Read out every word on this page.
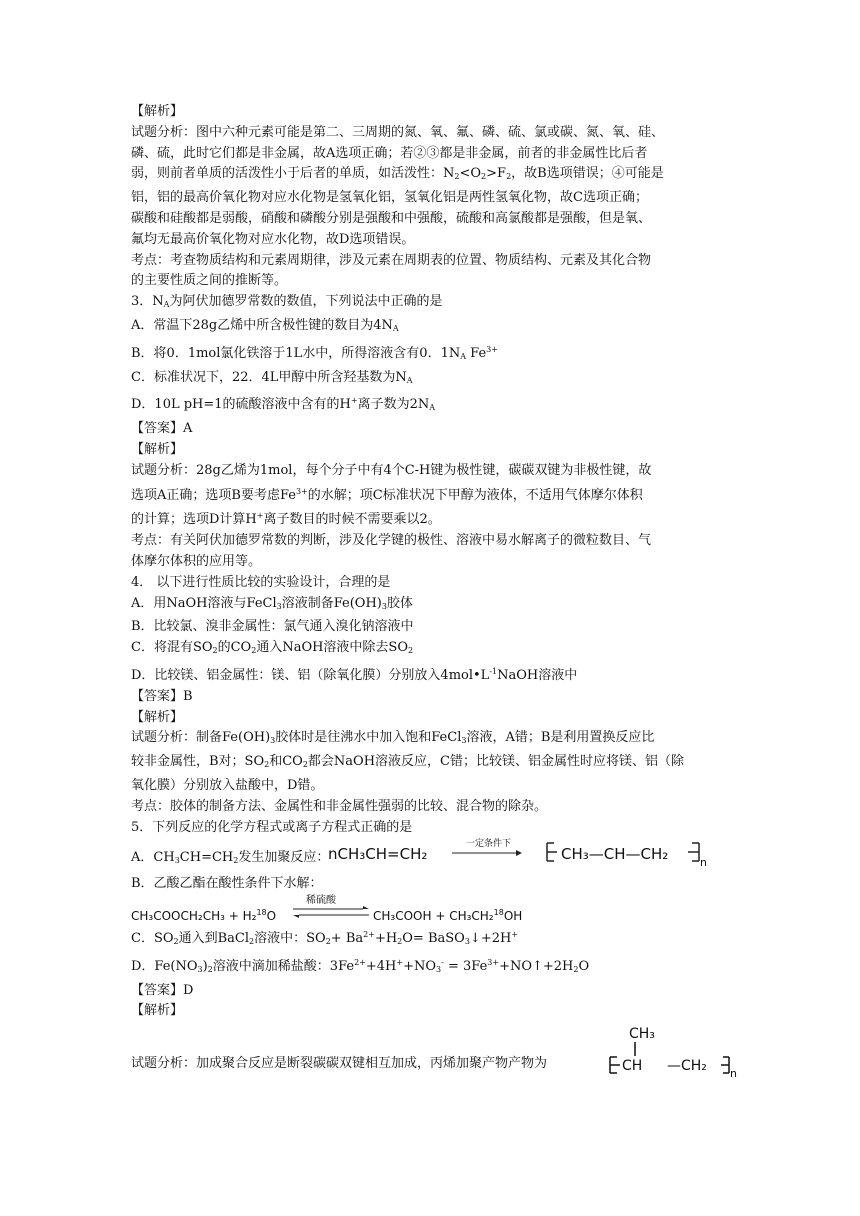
【解析】
试题分析：图中六种元素可能是第二、三周期的氮、氧、氟、磷、硫、氯或碳、氮、氧、硅、
磷、硫，此时它们都是非金属，故A选项正确；若②③都是非金属，前者的非金属性比后者
弱，则前者单质的活泼性小于后者的单质，如活泼性：$N_2<O_2>F_2$，故B选项错误；④可能是
铝，铝的最高价氧化物对应水化物是氢氧化铝，氢氧化铝是两性氢氧化物，故C选项正确；
碳酸和硅酸都是弱酸，硝酸和磷酸分别是强酸和中强酸，硫酸和高氯酸都是强酸，但是氧、
氟均无最高价氧化物对应水化物，故D选项错误。
考点：考查物质结构和元素周期律，涉及元素在周期表的位置、物质结构、元素及其化合物
的主要性质之间的推断等。
3．$N_A$为阿伏加德罗常数的数值，下列说法中正确的是
A．常温下28g乙烯中所含极性键的数目为$4N_A$
B．将0．1mol氯化铁溶于1L水中，所得溶液含有0．$1N_A$ $Fe^{3+}$
C．标准状况下，22．4L甲醇中所含羟基数为$N_A$
D．10L pH=1的硫酸溶液中含有的H+离子数为$2N_A$
【答案】A
【解析】
试题分析：28g乙烯为1mol，每个分子中有4个C-H键为极性键，碳碳双键为非极性键，故
选项A正确；选项B要考虑$Fe^{3+}$的水解；项C标准状况下甲醇为液体，不适用气体摩尔体积
的计算；选项D计算H+离子数目的时候不需要乘以2。
考点：有关阿伏加德罗常数的判断，涉及化学键的极性、溶液中易水解离子的微粒数目、气
体摩尔体积的应用等。
4． 以下进行性质比较的实验设计，合理的是
A．用NaOH溶液与FeCl$_3$溶液制备$Fe(OH)_3$胶体
B．比较氯、溴非金属性：氯气通入溴化钠溶液中
C．将混有$SO_2$的$CO_2$通入NaOH溶液中除去$SO_2$
D．比较镁、铝金属性：镁、铝（除氧化膜）分别放入$4mol•L^{-1}NaOH$溶液中
【答案】B
【解析】
试题分析：制备$Fe(OH)_3$胶体时是往沸水中加入饱和FeCl$_3$溶液，A错；B是利用置换反应比
较非金属性，B对；$SO_2$和$CO_2$都会NaOH溶液反应，C错；比较镁、铝金属性时应将镁、铝（除
氧化膜）分别放入盐酸中，D错。
考点：胶体的制备方法、金属性和非金属性强弱的比较、混合物的除杂。
5．下列反应的化学方程式或离子方程式正确的是
A．$CH_3CH=CH_2$发生加聚反应：
nCH₃CH=CH₂
一定条件下
CH₃—CH—CH₂	n
B．乙酸乙酯在酸性条件下水解：
CH₃COOCH₂CH₃ + H₂$^{18}$O
稀硫酸
CH₃COOH + CH₃CH₂$^{18}$OH
C．$SO_2$通入到BaCl$_2$溶液中：$SO_2+ Ba^{2+}+H_2O=$ BaSO$_3$↓+2H+
D．$Fe(NO_3)_2$溶液中滴加稀盐酸：$3Fe^{2+}+4H^++NO_3^-$ = $3Fe^{3+}+NO↑+2H_2O$
【答案】D
【解析】
试题分析：加成聚合反应是断裂碳碳双键相互加成，丙烯加聚产物产物为
CH₃
CH —CH₂ n
